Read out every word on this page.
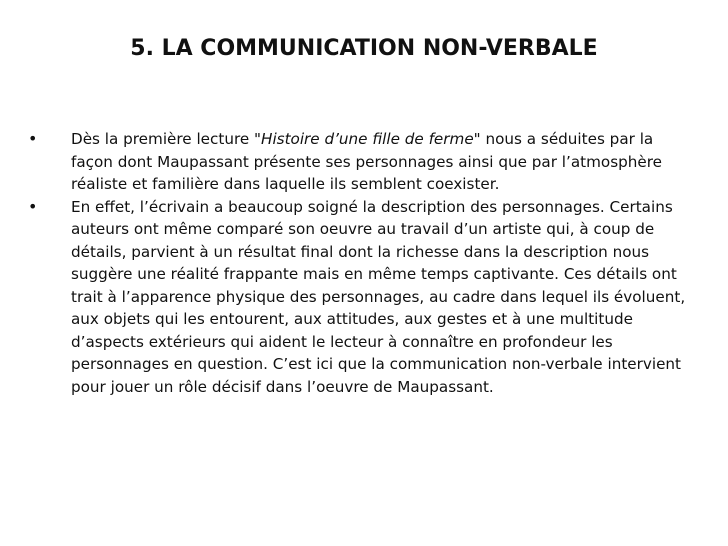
5. LA COMMUNICATION NON-VERBALE
• Dès la première lecture "Histoire d’une fille de ferme" nous a séduites par la façon dont Maupassant présente ses personnages ainsi que par l’atmosphère réaliste et familière dans laquelle ils semblent coexister.
• En effet, l’écrivain a beaucoup soigné la description des personnages. Certains auteurs ont même comparé son oeuvre au travail d’un artiste qui, à coup de détails, parvient à un résultat final dont la richesse dans la description nous suggère une réalité frappante mais en même temps captivante. Ces détails ont trait à l’apparence physique des personnages, au cadre dans lequel ils évoluent, aux objets qui les entourent, aux attitudes, aux gestes et à une multitude d’aspects extérieurs qui aident le lecteur à connaître en profondeur les personnages en question. C’est ici que la communication non-verbale intervient pour jouer un rôle décisif dans l’oeuvre de Maupassant.
